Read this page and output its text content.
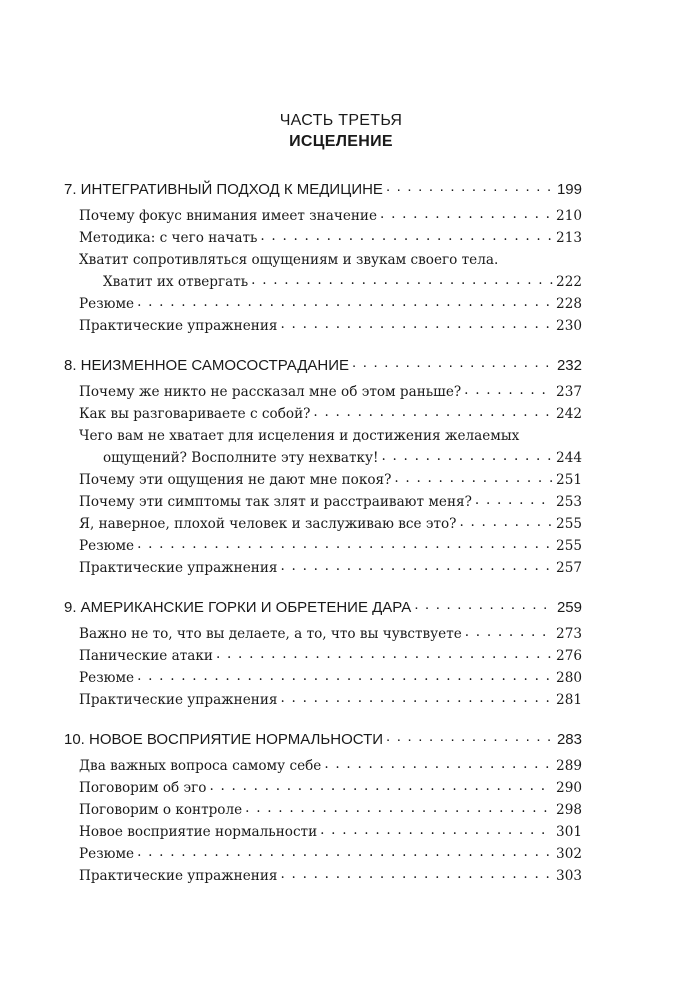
ЧАСТЬ ТРЕТЬЯ
ИСЦЕЛЕНИЕ
7. ИНТЕГРАТИВНЫЙ ПОДХОД К МЕДИЦИНЕ . . .	199
Почему фокус внимания имеет значение . . .	210
Методика: с чего начать . . .	213
Хватит сопротивляться ощущениям и звукам своего тела.
Хватит их отвергать . . .	222
Резюме . . .	228
Практические упражнения . . .	230
8. НЕИЗМЕННОЕ САМОСОСТРАДАНИЕ . . .	232
Почему же никто не рассказал мне об этом раньше? . . .	237
Как вы разговариваете с собой? . . .	242
Чего вам не хватает для исцеления и достижения желаемых
ощущений? Восполните эту нехватку! . . .	244
Почему эти ощущения не дают мне покоя? . . .	251
Почему эти симптомы так злят и расстраивают меня? . . .	253
Я, наверное, плохой человек и заслуживаю все это? . . .	255
Резюме . . .	255
Практические упражнения . . .	257
9. АМЕРИКАНСКИЕ ГОРКИ И ОБРЕТЕНИЕ ДАРА . . .	259
Важно не то, что вы делаете, а то, что вы чувствуете . . .	273
Панические атаки . . .	276
Резюме . . .	280
Практические упражнения . . .	281
10. НОВОЕ ВОСПРИЯТИЕ НОРМАЛЬНОСТИ . . .	283
Два важных вопроса самому себе . . .	289
Поговорим об эго . . .	290
Поговорим о контроле . . .	298
Новое восприятие нормальности . . .	301
Резюме . . .	302
Практические упражнения . . .	303
